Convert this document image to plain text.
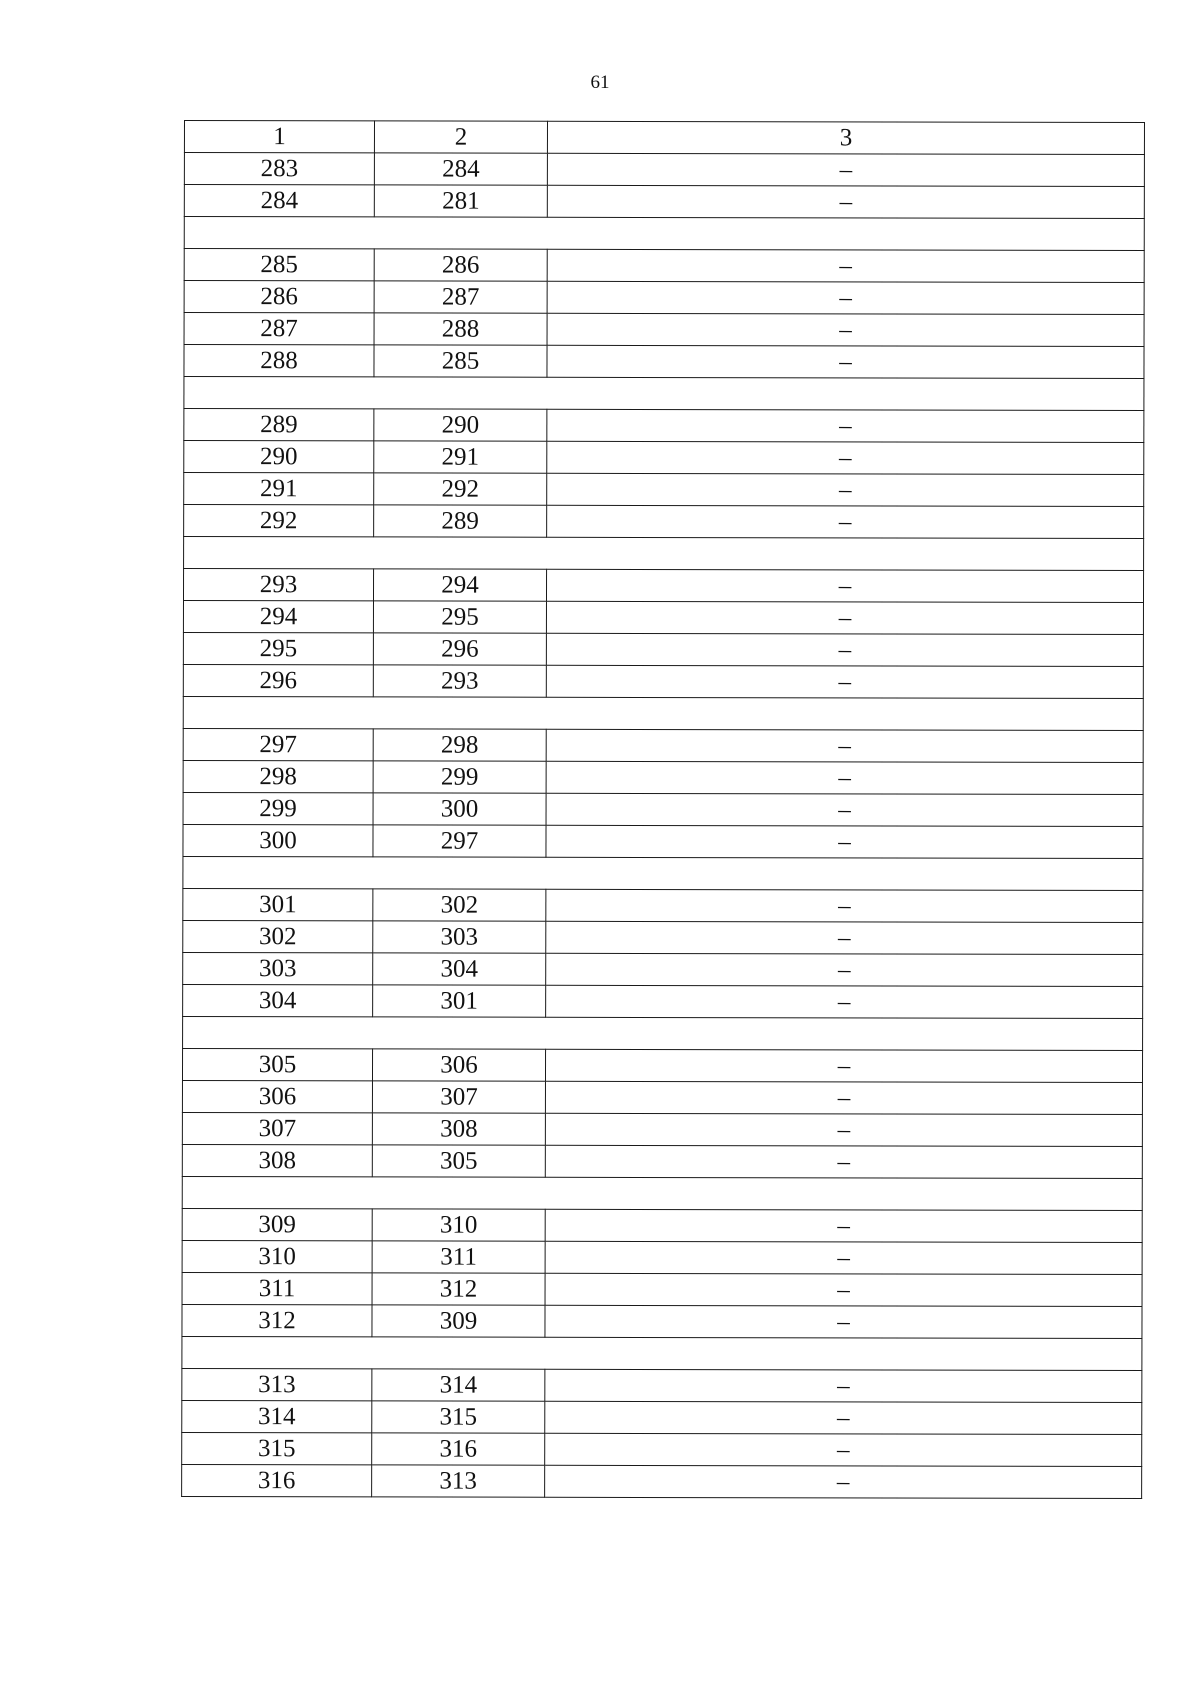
61
1	2	3
283	284	–
284	281	–

285	286	–
286	287	–
287	288	–
288	285	–

289	290	–
290	291	–
291	292	–
292	289	–

293	294	–
294	295	–
295	296	–
296	293	–

297	298	–
298	299	–
299	300	–
300	297	–

301	302	–
302	303	–
303	304	–
304	301	–

305	306	–
306	307	–
307	308	–
308	305	–

309	310	–
310	311	–
311	312	–
312	309	–

313	314	–
314	315	–
315	316	–
316	313	–
